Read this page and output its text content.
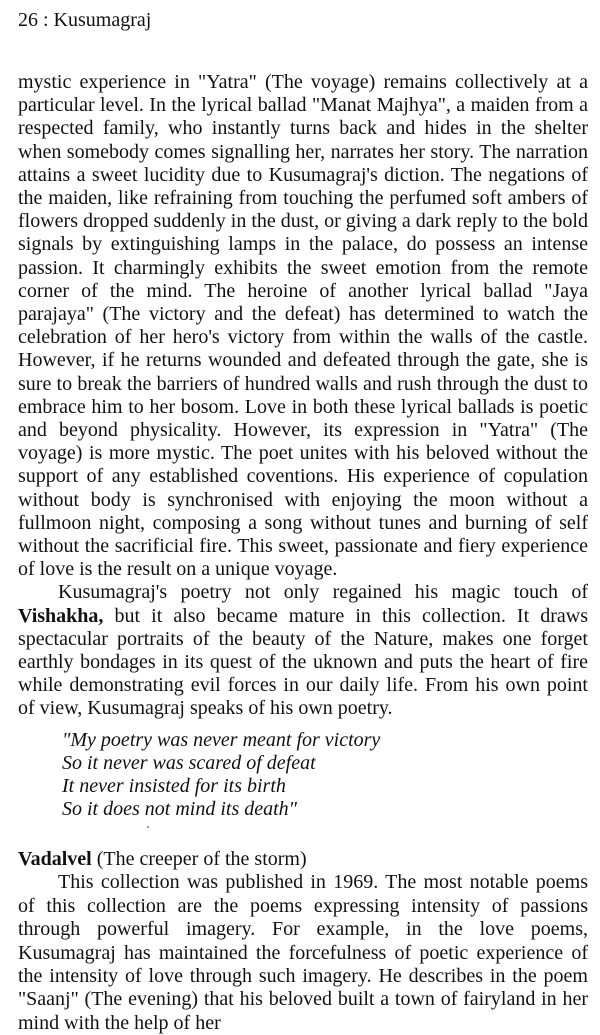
26 : Kusumagraj

mystic experience in "Yatra" (The voyage) remains collectively at a particular level. In the lyrical ballad "Manat Majhya", a maiden from a respected family, who instantly turns back and hides in the shelter when somebody comes signalling her, narrates her story. The narration attains a sweet lucidity due to Kusumagraj's diction. The negations of the maiden, like refraining from touching the perfumed soft ambers of flowers dropped suddenly in the dust, or giving a dark reply to the bold signals by extinguishing lamps in the palace, do possess an intense passion. It charmingly exhibits the sweet emotion from the remote corner of the mind. The heroine of another lyrical ballad "Jaya parajaya" (The victory and the defeat) has determined to watch the celebration of her hero's victory from within the walls of the castle. However, if he returns wounded and defeated through the gate, she is sure to break the barriers of hundred walls and rush through the dust to embrace him to her bosom. Love in both these lyrical ballads is poetic and beyond physicality. However, its expression in "Yatra" (The voyage) is more mystic. The poet unites with his beloved without the support of any established coventions. His experience of copulation without body is synchronised with enjoying the moon without a fullmoon night, composing a song without tunes and burning of self without the sacrificial fire. This sweet, passionate and fiery experience of love is the result on a unique voyage.

Kusumagraj's poetry not only regained his magic touch of Vishakha, but it also became mature in this collection. It draws spectacular portraits of the beauty of the Nature, makes one forget earthly bondages in its quest of the uknown and puts the heart of fire while demonstrating evil forces in our daily life. From his own point of view, Kusumagraj speaks of his own poetry.

"My poetry was never meant for victory
So it never was scared of defeat
It never insisted for its birth
So it does not mind its death"

Vadalvel (The creeper of the storm)

This collection was published in 1969. The most notable poems of this collection are the poems expressing intensity of passions through powerful imagery. For example, in the love poems, Kusumagraj has maintained the forcefulness of poetic experience of the intensity of love through such imagery. He describes in the poem "Saanj" (The evening) that his beloved built a town of fairyland in her mind with the help of her
